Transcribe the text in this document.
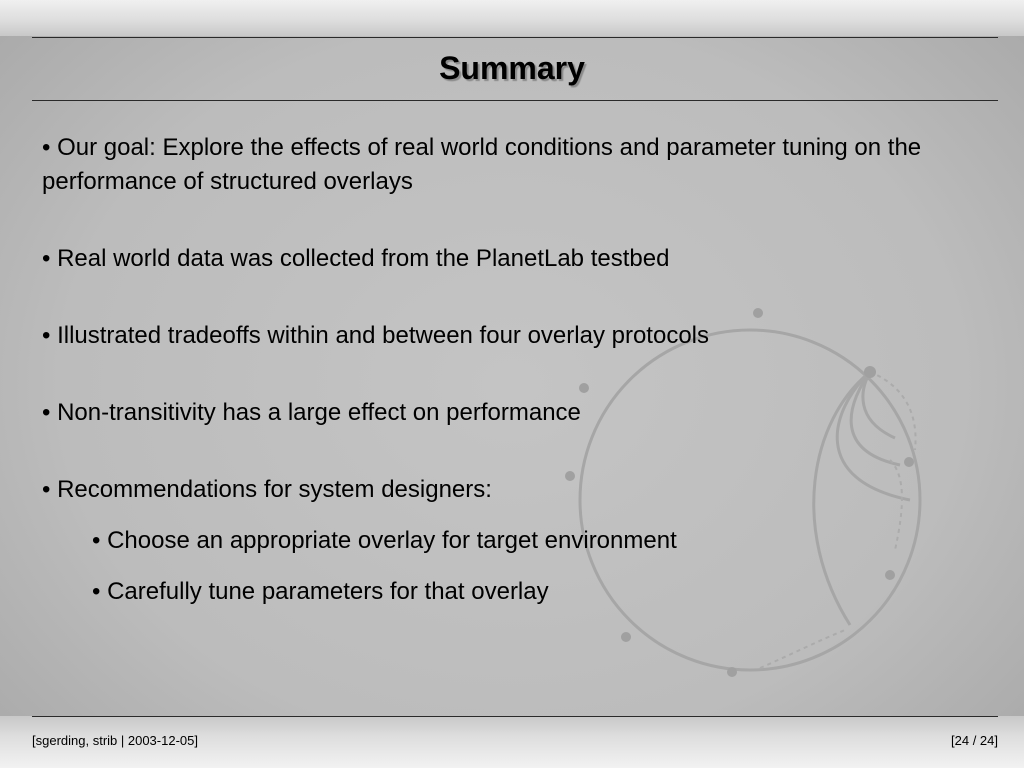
Summary
• Our goal: Explore the effects of real world conditions and parameter tuning on the performance of structured overlays
• Real world data was collected from the PlanetLab testbed
• Illustrated tradeoffs within and between four overlay protocols
• Non-transitivity has a large effect on performance
• Recommendations for system designers:
• Choose an appropriate overlay for target environment
• Carefully tune parameters for that overlay
[sgerding, strib | 2003-12-05]	[24 / 24]
